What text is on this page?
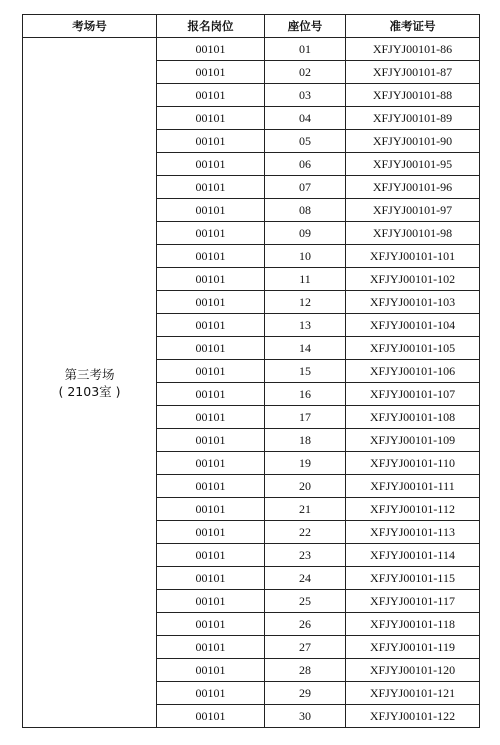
考场号	报名岗位	座位号	准考证号

第三考场
( 2103室 )	00101	01	XFJYJ00101-86
	00101	02	XFJYJ00101-87
	00101	03	XFJYJ00101-88
	00101	04	XFJYJ00101-89
	00101	05	XFJYJ00101-90
	00101	06	XFJYJ00101-95
	00101	07	XFJYJ00101-96
	00101	08	XFJYJ00101-97
	00101	09	XFJYJ00101-98
	00101	10	XFJYJ00101-101
	00101	11	XFJYJ00101-102
	00101	12	XFJYJ00101-103
	00101	13	XFJYJ00101-104
	00101	14	XFJYJ00101-105
	00101	15	XFJYJ00101-106
	00101	16	XFJYJ00101-107
	00101	17	XFJYJ00101-108
	00101	18	XFJYJ00101-109
	00101	19	XFJYJ00101-110
	00101	20	XFJYJ00101-111
	00101	21	XFJYJ00101-112
	00101	22	XFJYJ00101-113
	00101	23	XFJYJ00101-114
	00101	24	XFJYJ00101-115
	00101	25	XFJYJ00101-117
	00101	26	XFJYJ00101-118
	00101	27	XFJYJ00101-119
	00101	28	XFJYJ00101-120
	00101	29	XFJYJ00101-121
	00101	30	XFJYJ00101-122
